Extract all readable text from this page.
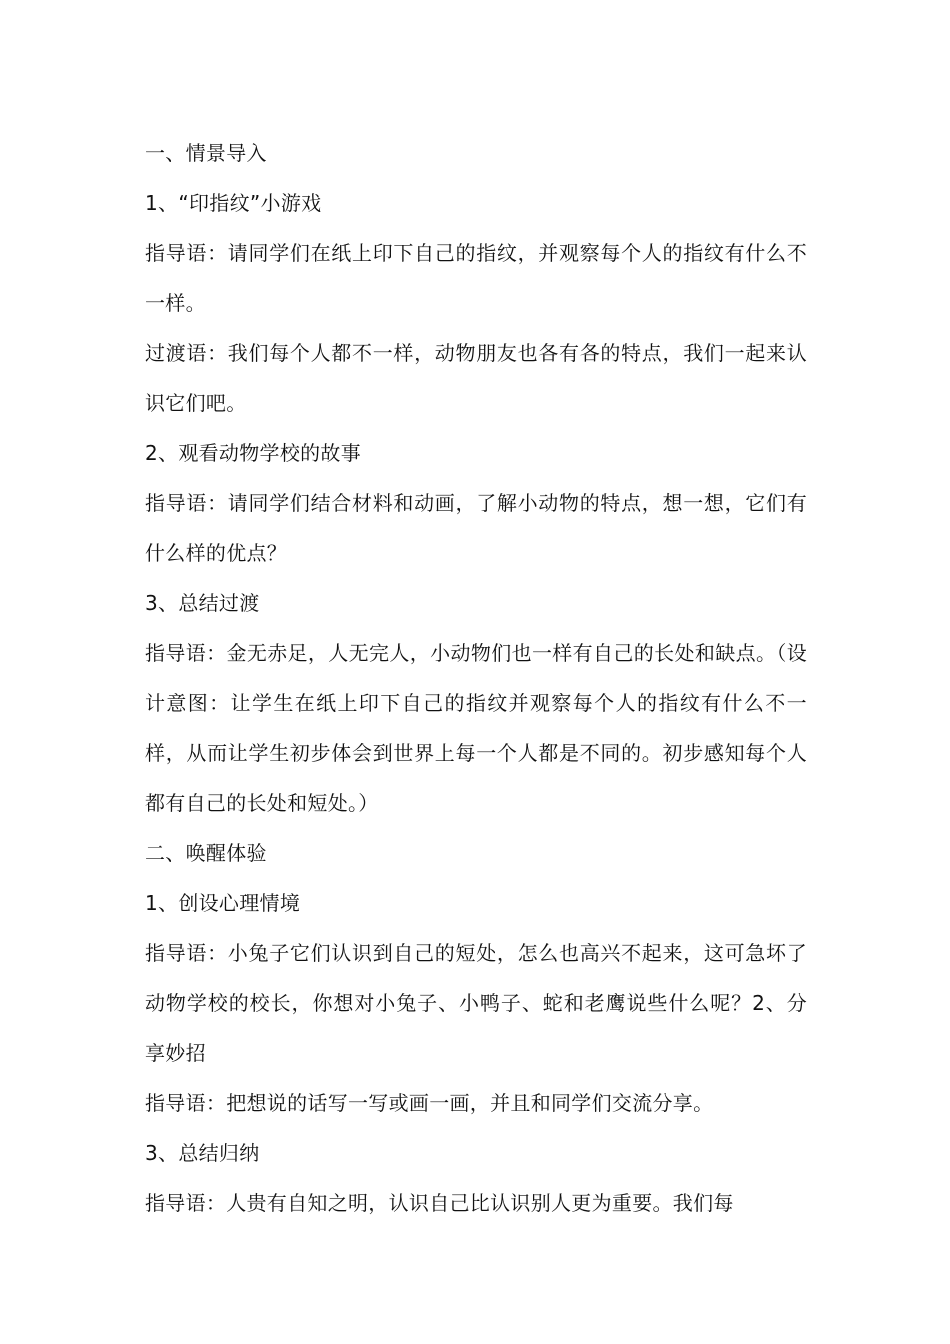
一、情景导入

1、“印指纹”小游戏

指导语：请同学们在纸上印下自己的指纹，并观察每个人的指纹有什么不一样。

过渡语：我们每个人都不一样，动物朋友也各有各的特点，我们一起来认识它们吧。

2、观看动物学校的故事

指导语：请同学们结合材料和动画，了解小动物的特点，想一想，它们有什么样的优点？

3、总结过渡

指导语：金无赤足，人无完人，小动物们也一样有自己的长处和缺点。（设计意图：让学生在纸上印下自己的指纹并观察每个人的指纹有什么不一样，从而让学生初步体会到世界上每一个人都是不同的。初步感知每个人都有自己的长处和短处。）

二、唤醒体验

1、创设心理情境

指导语：小兔子它们认识到自己的短处，怎么也高兴不起来，这可急坏了动物学校的校长，你想对小兔子、小鸭子、蛇和老鹰说些什么呢？2、分享妙招

指导语：把想说的话写一写或画一画，并且和同学们交流分享。

3、总结归纳

指导语：人贵有自知之明，认识自己比认识别人更为重要。我们每
